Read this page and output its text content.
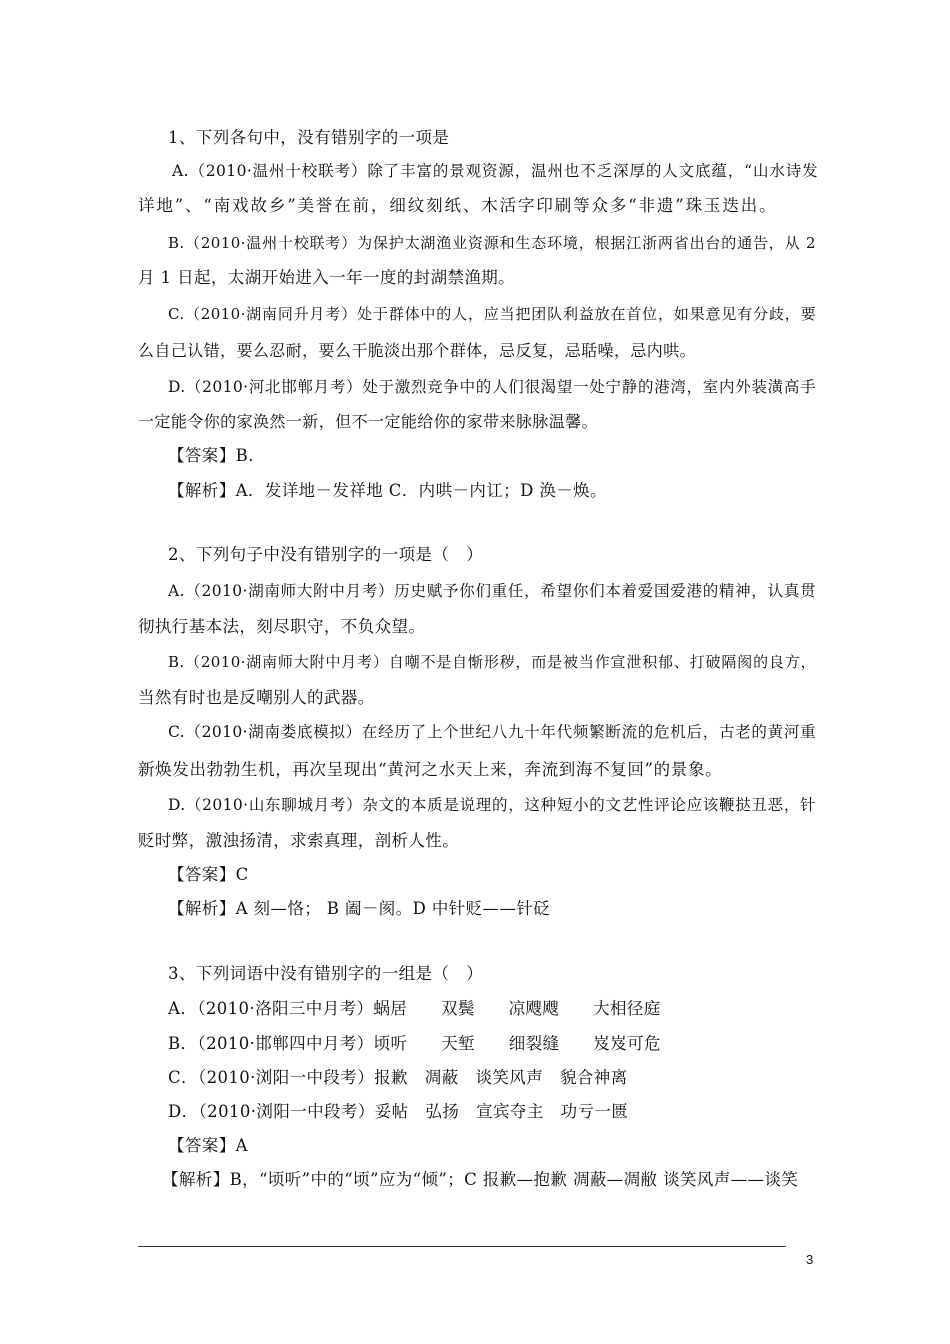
1、下列各句中，没有错别字的一项是
A.（2010·温州十校联考）除了丰富的景观资源，温州也不乏深厚的人文底蕴，“山水诗发
详地”、“南戏故乡”美誉在前，细纹刻纸、木活字印刷等众多“非遗”珠玉迭出。
B.（2010·温州十校联考）为保护太湖渔业资源和生态环境，根据江浙两省出台的通告，从 2
月 1 日起，太湖开始进入一年一度的封湖禁渔期。
C.（2010·湖南同升月考）处于群体中的人，应当把团队利益放在首位，如果意见有分歧，要
么自己认错，要么忍耐，要么干脆淡出那个群体，忌反复，忌聒噪，忌内哄。
D.（2010·河北邯郸月考）处于激烈竞争中的人们很渴望一处宁静的港湾，室内外装潢高手
一定能令你的家涣然一新，但不一定能给你的家带来脉脉温馨。
【答案】B.
【解析】A．发详地－发祥地 C．内哄－内讧；D 涣－焕。
2、下列句子中没有错别字的一项是（　）
A.（2010·湖南师大附中月考）历史赋予你们重任，希望你们本着爱国爱港的精神，认真贯
彻执行基本法，刻尽职守，不负众望。
B.（2010·湖南师大附中月考）自嘲不是自惭形秽，而是被当作宣泄积郁、打破隔阂的良方，
当然有时也是反嘲别人的武器。
C.（2010·湖南娄底模拟）在经历了上个世纪八九十年代频繁断流的危机后，古老的黄河重
新焕发出勃勃生机，再次呈现出“黄河之水天上来，奔流到海不复回”的景象。
D.（2010·山东聊城月考）杂文的本质是说理的，这种短小的文艺性评论应该鞭挞丑恶，针
贬时弊，激浊扬清，求索真理，剖析人性。
【答案】C
【解析】A 刻—恪； B 阖－阂。D 中针贬——针砭
3、下列词语中没有错别字的一组是（　）
A．（2010·洛阳三中月考）蜗居　　双鬓　　凉飕飕　　大相径庭
B．（2010·邯郸四中月考）顷听　　天堑　　细裂缝　　岌岌可危
C．（2010·浏阳一中段考）报歉　凋蔽　谈笑风声　貌合神离
D．（2010·浏阳一中段考）妥帖　弘扬　宣宾夺主　功亏一匮
【答案】A
【解析】B，“顷听”中的“顷”应为“倾”；C 报歉—抱歉 凋蔽—凋敝 谈笑风声——谈笑
3
